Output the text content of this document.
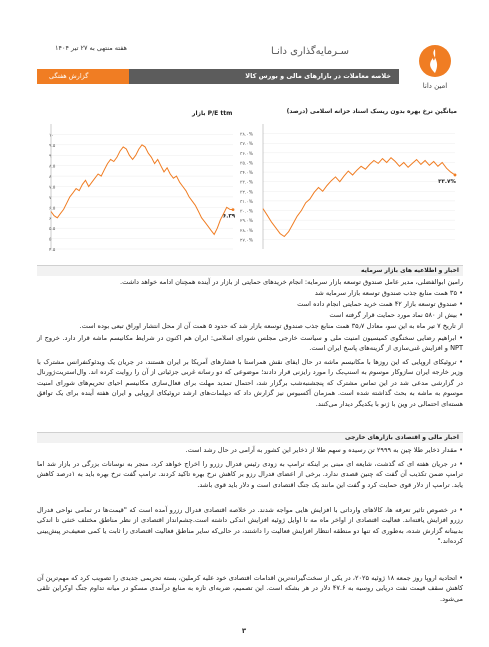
امین دانا
سـرمایه‌گذاری دانـا
هفته منتهی به ۲۷ تیر ۱۴۰۴
خلاصه معاملات در بازارهای مالی و بورس کالا
گزارش هفتگی
P/E ttm بازار	میانگین نرخ بهره بدون ریسک اسناد خزانه اسلامی (درصد)
۱۰
۹.۵
۹
۸.۵
۸
۷.۵
۷
۶.۵
۶
۵.۵
۵
۴.۵
۶.۳۹
۳۸.۰%
۳۷.۰%
۳۶.۰%
۳۵.۰%
۳۴.۰%
۳۳.۰%
۳۲.۰%
۳۱.۰%
۳۰.۰%
۲۹.۰%
۲۸.۰%
۲۷.۰%
۳۳.۷%
اخبار و اطلاعیه های بازار سرمایه
رامین ابوالفضلی، مدیر عامل صندوق توسعه بازار سرمایه: انجام خریدهای حمایتی از بازار در آینده همچنان ادامه خواهد داشت.
• ۳۵ همت منابع جذب صندوق توسعه بازار سرمایه شد
• صندوق توسعه بازار ۴۲ همت خرید حمایتی انجام داده است
• بیش از ۵۸۰ نماد مورد حمایت قرار گرفته است
از تاریخ ۷ تیر ماه به این سو، معادل ۳۵٫۷ همت منابع جذب صندوق توسعه بازار شد که حدود ۵ همت آن از محل انتشار اوراق تبعی بوده است.
• ابراهیم رضایی سخنگوی کمیسیون امنیت ملی و سیاست خارجی مجلس شورای اسلامی: ایران هم اکنون در شرایط مکانیسم ماشه قرار دارد. خروج از NPT و افزایش غنی‌سازی از گزینه‌های پاسخ ایران است.
• تروئیکای اروپایی که این روزها با مکانیسم ماشه در حال ایفای نقش همراستا با فشارهای آمریکا بر ایران هستند، در جریان یک ویدئوکنفرانس مشترک با وزیر خارجه ایران سازوکار موسوم به اسنپ‌بک را مورد رایزنی قرار دادند؛ موضوعی که دو رسانه غربی جزئیاتی از آن را روایت کرده اند. وال‌استریت‌ژورنال در گزارشی مدعی شد در این تماس مشترک که پنجشنبه‌شب برگزار شد، احتمال تمدید مهلت برای فعال‌سازی مکانیسم احیای تحریم‌های شورای امنیت موسوم به ماشه به بحث گذاشته شده است. همزمان آکسیوس نیز گزارش داد که دیپلمات‌های ارشد تروئیکای اروپایی و ایران هفته آینده برای یک توافق هسته‌ای احتمالی در وین با ژنو با یکدیگر دیدار می‌کنند.
اخبار مالی و اقتصادی بازارهای خارجی
• مقدار ذخایر طلا چین به ۲۹۹۹ تن رسیده و سهم طلا از ذخایر این کشور به آرامی در حال رشد است.
• در جریان هفته ای که گذشت، شایعه ای مبنی بر اینکه ترامپ به زودی رئیس فدرال رزرو را اخراج خواهد کرد، منجر به نوسانات بزرگی در بازار شد اما ترامپ ضمن تکذیب آن گفت که چنین قصدی ندارد. برخی از اعضای فدرال رزو بر کاهش نرخ بهره تاکید کردند. ترامپ گفت نرخ بهره باید به ۱درصد کاهش یابد. ترامپ از دلار قوی حمایت کرد و گفت این مانند یک جنگ اقتصادی است و دلار باید قوی باشد.
• در خصوص تاثیر تعرفه ها، کالاهای وارداتی با افزایش هایی مواجه شدند. در خلاصه اقتصادی فدرال رزرو آمده است که "قیمت‌ها در تمامی نواحی فدرال رزرو افزایش یافته‌اند. فعالیت اقتصادی از اواخر ماه مه تا اوایل ژوئیه افزایش اندکی داشته است.چشم‌انداز اقتصادی از نظر مناطق مختلف خنثی تا اندکی بدبینانه گزارش شده، به‌طوری که تنها دو منطقه انتظار افزایش فعالیت را داشتند، در حالی‌که سایر مناطق فعالیت اقتصادی را ثابت یا کمی ضعیف‌تر پیش‌بینی کرده‌اند."
• اتحادیه اروپا روز جمعه ۱۸ ژوئیه ۲۰۲۵، در یکی از سخت‌گیرانه‌ترین اقدامات اقتصادی خود علیه کرملین، بسته تحریمی جدیدی را تصویب کرد که مهم‌ترین آن کاهش سقف قیمت نفت دریایی روسیه به ۴۷.۶ دلار در هر بشکه است. این تصمیم، ضربه‌ای تازه به منابع درآمدی مسکو در میانه تداوم جنگ اوکراین تلقی می‌شود.
۳
